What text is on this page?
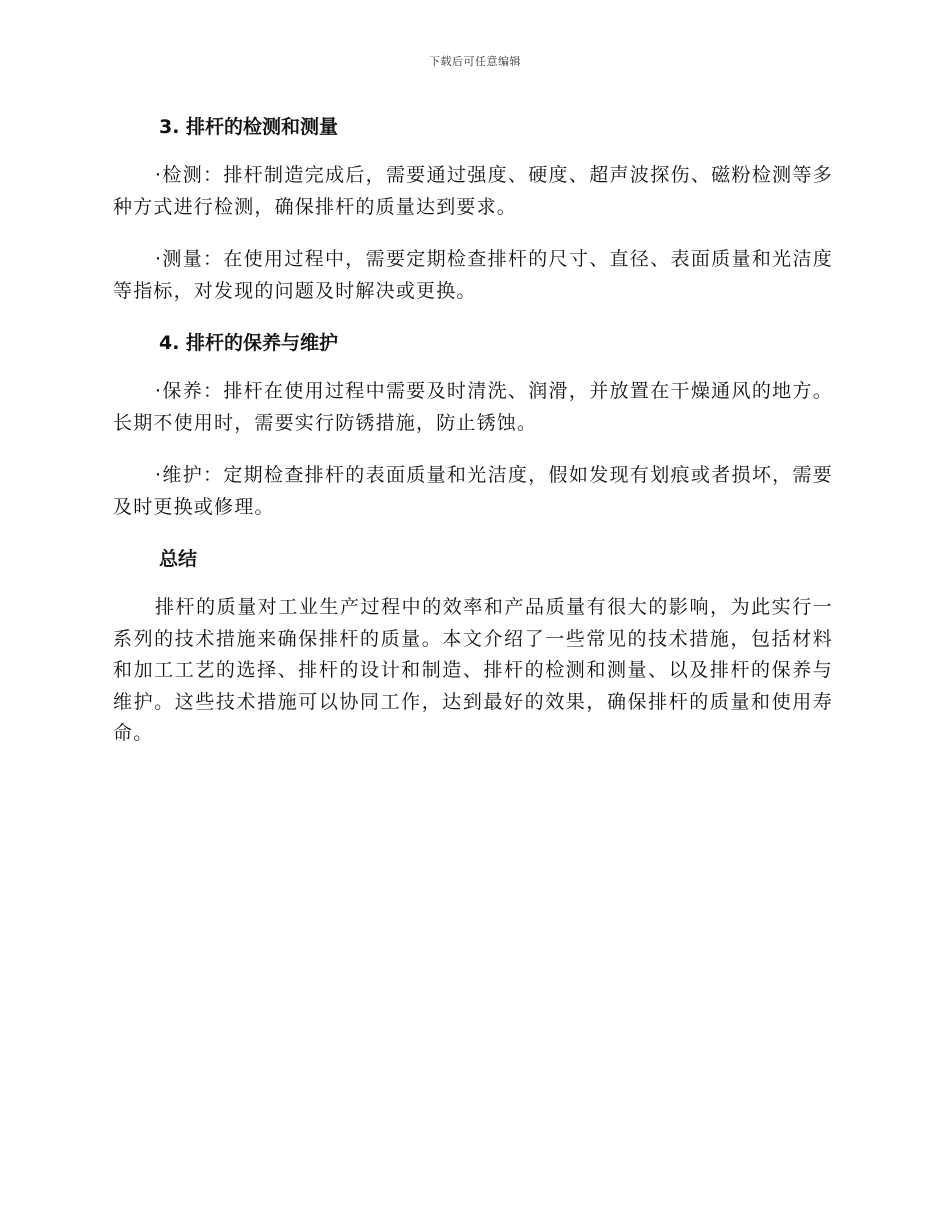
下载后可任意编辑

3. 排杆的检测和测量

·检测：排杆制造完成后，需要通过强度、硬度、超声波探伤、磁粉检测等多种方式进行检测，确保排杆的质量达到要求。

·测量：在使用过程中，需要定期检查排杆的尺寸、直径、表面质量和光洁度等指标，对发现的问题及时解决或更换。

4. 排杆的保养与维护

·保养：排杆在使用过程中需要及时清洗、润滑，并放置在干燥通风的地方。长期不使用时，需要实行防锈措施，防止锈蚀。

·维护：定期检查排杆的表面质量和光洁度，假如发现有划痕或者损坏，需要及时更换或修理。

总结

排杆的质量对工业生产过程中的效率和产品质量有很大的影响，为此实行一系列的技术措施来确保排杆的质量。本文介绍了一些常见的技术措施，包括材料和加工工艺的选择、排杆的设计和制造、排杆的检测和测量、以及排杆的保养与维护。这些技术措施可以协同工作，达到最好的效果，确保排杆的质量和使用寿命。
